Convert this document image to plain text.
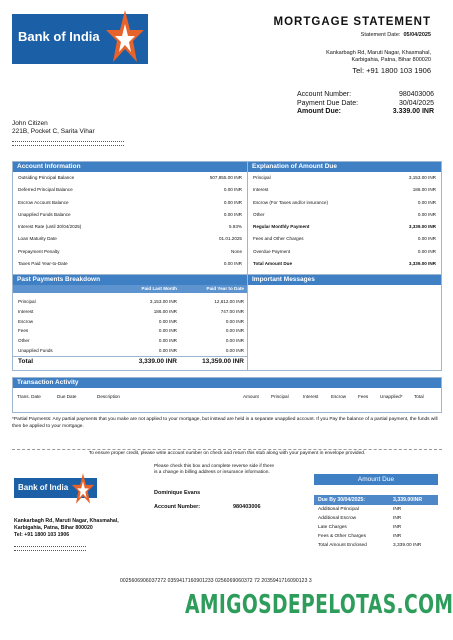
Bank of India
MORTGAGE STATEMENT
Statement Date: 05/04/2025
Kankarbagh Rd, Maruti Nagar, Khasmahal,
Karbigahia, Patna, Bihar 800020
Tel: +91 1800 103 1906
Account Number:	980403006
Payment Due Date:	30/04/2025
Amount Due:	3.339.00 INR
John Citizen
221B, Pocket C, Sarita Vihar
Account Information
Outsiding Principal Balance	507,855.00 INR
Deferred Principal Balance	0.00 INR
Escrow Account Balance	0.00 INR
Unapplied Funds Balance	0.00 INR
Interest Rate (until 30/04/2025)	5.93%
Loan Maturity Date	01.01.2025
Prepayment Penalty	None
Taxes Paid Year-to-Date	0.00 INR
Explanation of Amount Due
Principal	3,153.00 INR
Interest	186.00 INR
Escrow (For Taxes and/or insurance)	0.00 INR
Other	0.00 INR
Regular Monthly Payment	3,339.00 INR
Fees and Other Charges	0.00 INR
Overdue Payment	0.00 INR
Total Amount Due	3,339.00 INR
Past Payments Breakdown
Paid Last Month	Paid Year to Date
Principal	3,153.00 INR	12,612.00 INR
Interest	186.00 INR	747.00 INR
Escrow	0.00 INR	0.00 INR
Fees	0.00 INR	0.00 INR
Other	0.00 INR	0.00 INR
Unapplied Funds	0.00 INR	0.00 INR
Total	3,339.00 INR	13,359.00 INR
Important Messages
Transaction Activity
Trans. Date	Due Date	Description	Amount	Principal	Interest	Escrow	Fees	Unapplied*	Total
*Partial Payments: Any partial payments that you make are not applied to your mortgage, but instead are held in a separate unapplied account. If you Pay the balance of a partial payment, the funds will then be applied to your mortgage.
To ensure proper credit, please write account number on check and return this stub along with your payment in envelope provided.
Bank of India
Kankarbagh Rd, Maruti Nagar, Khasmahal,
Karbigahia, Patna, Bihar 800020
Tel: +91 1800 103 1906
Please check this box and complete reverse side if there
is a change in billing address or insurance information.
Dominique Evans
Account Number:	980403006
Amount Due
Due By 30/04/2025:	3,339.00INR
Additional Principal	INR
Additional Escrow	INR
Late Charges	INR
Fees & Other Charges	INR
Total Amount Enclosed	3,339.00 INR
0025606906037272 0359417160901233 0256069060372 72 2035941716090123 3
AMIGOSDEPELOTAS.COM
